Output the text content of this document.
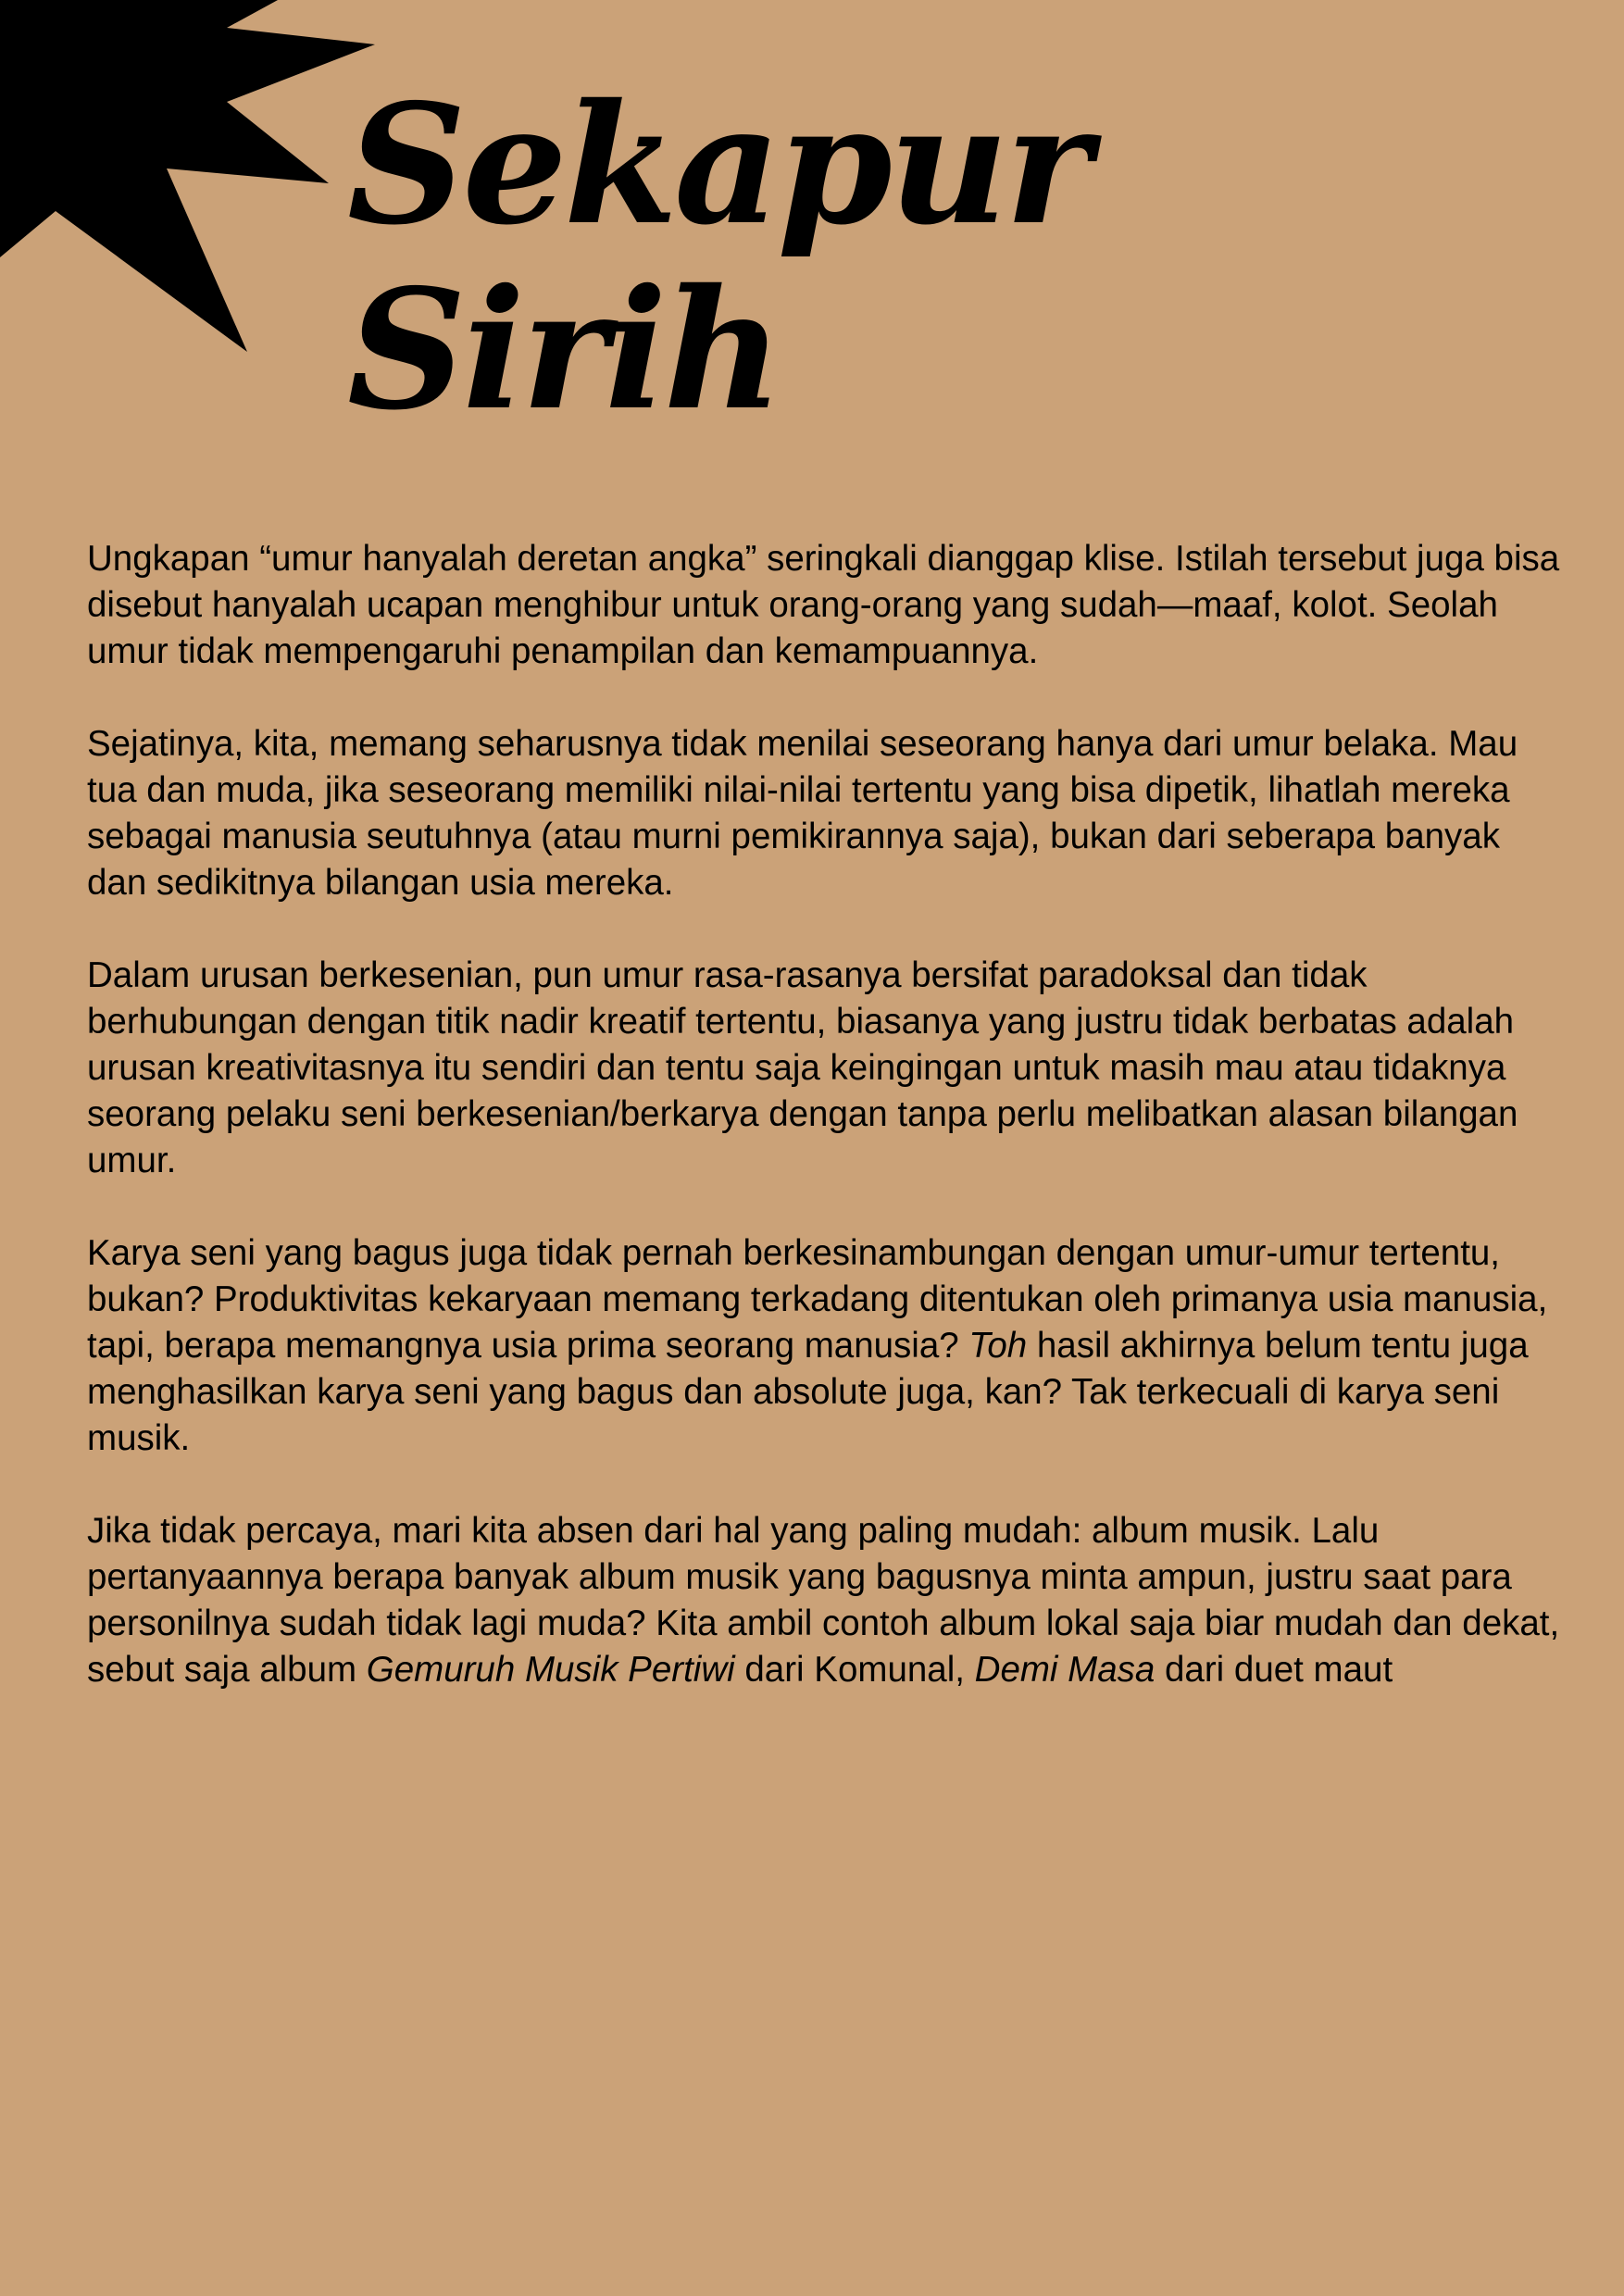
Sekapur
Sirih

Ungkapan “umur hanyalah deretan angka” seringkali dianggap klise. Istilah tersebut juga bisa disebut hanyalah ucapan menghibur untuk orang-orang yang sudah—maaf, kolot. Seolah umur tidak mempengaruhi penampilan dan kemampuannya.

Sejatinya, kita, memang seharusnya tidak menilai seseorang hanya dari umur belaka. Mau tua dan muda, jika seseorang memiliki nilai-nilai tertentu yang bisa dipetik, lihatlah mereka sebagai manusia seutuhnya (atau murni pemikirannya saja), bukan dari seberapa banyak dan sedikitnya bilangan usia mereka.

Dalam urusan berkesenian, pun umur rasa-rasanya bersifat paradoksal dan tidak berhubungan dengan titik nadir kreatif tertentu, biasanya yang justru tidak berbatas adalah urusan kreativitasnya itu sendiri dan tentu saja keingingan untuk masih mau atau tidaknya seorang pelaku seni berkesenian/berkarya dengan tanpa perlu melibatkan alasan bilangan umur.

Karya seni yang bagus juga tidak pernah berkesinambungan dengan umur-umur tertentu, bukan? Produktivitas kekaryaan memang terkadang ditentukan oleh primanya usia manusia, tapi, berapa memangnya usia prima seorang manusia? Toh hasil akhirnya belum tentu juga menghasilkan karya seni yang bagus dan absolute juga, kan? Tak terkecuali di karya seni musik.

Jika tidak percaya, mari kita absen dari hal yang paling mudah: album musik. Lalu pertanyaannya berapa banyak album musik yang bagusnya minta ampun, justru saat para personilnya sudah tidak lagi muda? Kita ambil contoh album lokal saja biar mudah dan dekat, sebut saja album Gemuruh Musik Pertiwi dari Komunal, Demi Masa dari duet maut
